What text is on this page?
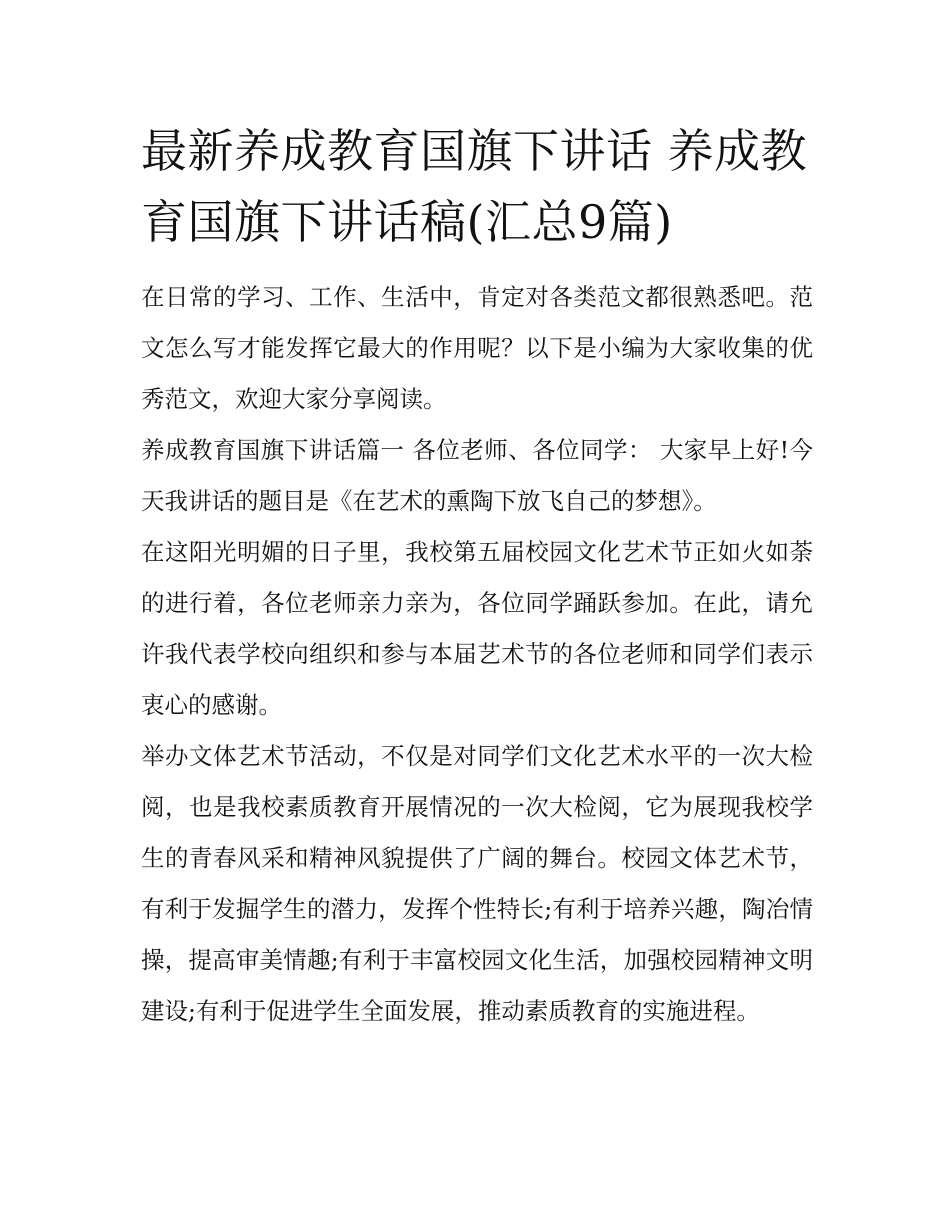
最新养成教育国旗下讲话 养成教育国旗下讲话稿(汇总9篇)

在日常的学习、工作、生活中，肯定对各类范文都很熟悉吧。范文怎么写才能发挥它最大的作用呢？以下是小编为大家收集的优秀范文，欢迎大家分享阅读。

养成教育国旗下讲话篇一 各位老师、各位同学： 大家早上好!今天我讲话的题目是《在艺术的熏陶下放飞自己的梦想》。

在这阳光明媚的日子里，我校第五届校园文化艺术节正如火如荼的进行着，各位老师亲力亲为，各位同学踊跃参加。在此，请允许我代表学校向组织和参与本届艺术节的各位老师和同学们表示衷心的感谢。

举办文体艺术节活动，不仅是对同学们文化艺术水平的一次大检阅，也是我校素质教育开展情况的一次大检阅，它为展现我校学生的青春风采和精神风貌提供了广阔的舞台。校园文体艺术节，有利于发掘学生的潜力，发挥个性特长;有利于培养兴趣，陶冶情操，提高审美情趣;有利于丰富校园文化生活，加强校园精神文明建设;有利于促进学生全面发展，推动素质教育的实施进程。
